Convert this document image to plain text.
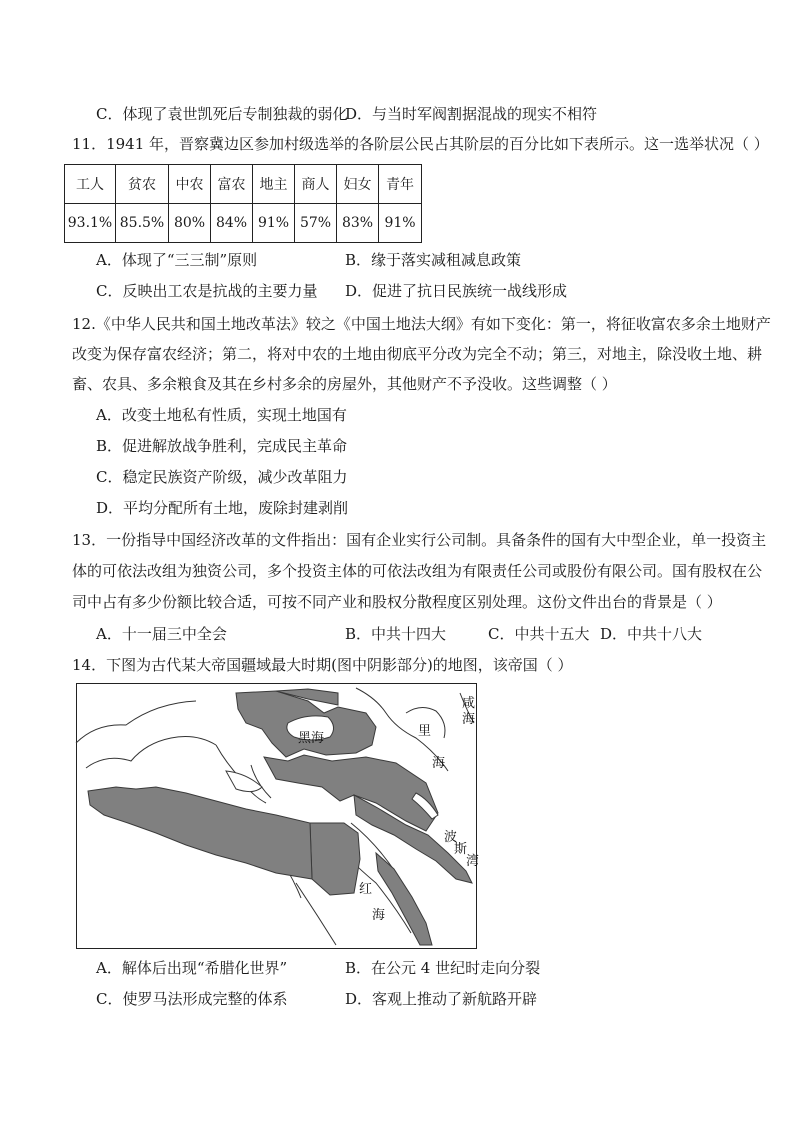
C．体现了袁世凯死后专制独裁的弱化
D．与当时军阀割据混战的现实不相符
11．1941 年，晋察冀边区参加村级选举的各阶层公民占其阶层的百分比如下表所示。这一选举状况（ ）
工人	贫农	中农	富农	地主	商人	妇女	青年
93.1%	85.5%	80%	84%	91%	57%	83%	91%
A．体现了“三三制”原则	B．缘于落实减租减息政策
C．反映出工农是抗战的主要力量 D．促进了抗日民族统一战线形成
12.《中华人民共和国土地改革法》较之《中国土地法大纲》有如下变化：第一，将征收富农多余土地财产
改变为保存富农经济；第二，将对中农的土地由彻底平分改为完全不动；第三，对地主，除没收土地、耕
畜、农具、多余粮食及其在乡村多余的房屋外，其他财产不予没收。这些调整（ ）
A．改变土地私有性质，实现土地国有
B．促进解放战争胜利，完成民主革命
C．稳定民族资产阶级，减少改革阻力
D．平均分配所有土地，废除封建剥削
13．一份指导中国经济改革的文件指出：国有企业实行公司制。具备条件的国有大中型企业，单一投资主
体的可依法改组为独资公司，多个投资主体的可依法改组为有限责任公司或股份有限公司。国有股权在公
司中占有多少份额比较合适，可按不同产业和股权分散程度区别处理。这份文件出台的背景是（ ）
A．十一届三中全会	B．中共十四大	C．中共十五大 D．中共十八大
14．下图为古代某大帝国疆域最大时期(图中阴影部分)的地图，该帝国（ ）
咸
海
黑海	里
海
波
斯
湾
红
海
A．解体后出现“希腊化世界”	B．在公元 4 世纪时走向分裂
C．使罗马法形成完整的体系	D．客观上推动了新航路开辟
